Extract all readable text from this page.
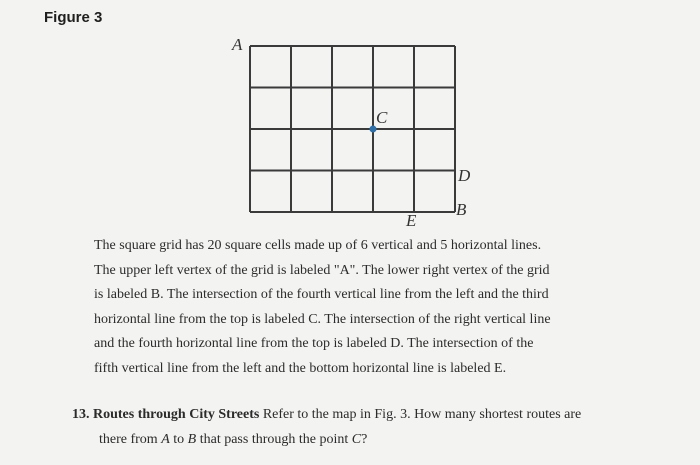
Figure 3
A
C
D
B
E
The square grid has 20 square cells made up of 6 vertical and 5 horizontal lines.
The upper left vertex of the grid is labeled "A". The lower right vertex of the grid
is labeled B. The intersection of the fourth vertical line from the left and the third
horizontal line from the top is labeled C. The intersection of the right vertical line
and the fourth horizontal line from the top is labeled D. The intersection of the
fifth vertical line from the left and the bottom horizontal line is labeled E.
13. Routes through City Streets Refer to the map in Fig. 3. How many shortest routes are
there from A to B that pass through the point C?
